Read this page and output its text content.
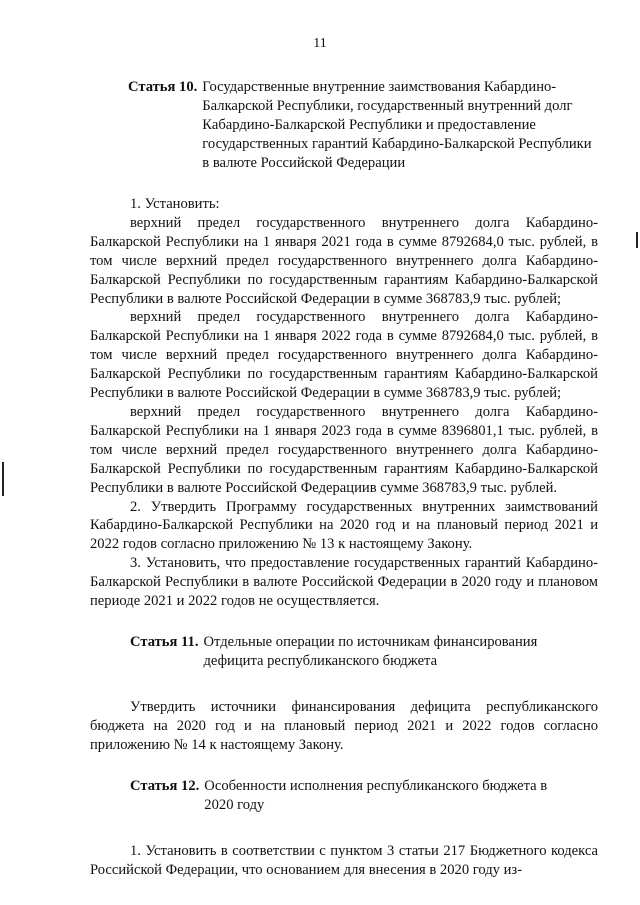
11
Статья 10. Государственные внутренние заимствования Кабардино-Балкарской Республики, государственный внутренний долг Кабардино-Балкарской Республики и предоставление государственных гарантий Кабардино-Балкарской Республики в валюте Российской Федерации

1. Установить:

верхний предел государственного внутреннего долга Кабардино-Балкарской Республики на 1 января 2021 года в сумме 8792684,0 тыс. рублей, в том числе верхний предел государственного внутреннего долга Кабардино-Балкарской Республики по государственным гарантиям Кабардино-Балкарской Республики в валюте Российской Федерации в сумме 368783,9 тыс. рублей;

верхний предел государственного внутреннего долга Кабардино-Балкарской Республики на 1 января 2022 года в сумме 8792684,0 тыс. рублей, в том числе верхний предел государственного внутреннего долга Кабардино-Балкарской Республики по государственным гарантиям Кабардино-Балкарской Республики в валюте Российской Федерации в сумме 368783,9 тыс. рублей;

верхний предел государственного внутреннего долга Кабардино-Балкарской Республики на 1 января 2023 года в сумме 8396801,1 тыс. рублей, в том числе верхний предел государственного внутреннего долга Кабардино-Балкарской Республики по государственным гарантиям Кабардино-Балкарской Республики в валюте Российской Федерациив сумме 368783,9 тыс. рублей.

2. Утвердить Программу государственных внутренних заимствований Кабардино-Балкарской Республики на 2020 год и на плановый период 2021 и 2022 годов согласно приложению № 13 к настоящему Закону.

3. Установить, что предоставление государственных гарантий Кабардино-Балкарской Республики в валюте Российской Федерации в 2020 году и плановом периоде 2021 и 2022 годов не осуществляется.

Статья 11. Отдельные операции по источникам финансирования дефицита республиканского бюджета

Утвердить источники финансирования дефицита республиканского бюджета на 2020 год и на плановый период 2021 и 2022 годов согласно приложению № 14 к настоящему Закону.

Статья 12. Особенности исполнения республиканского бюджета в 2020 году

1. Установить в соответствии с пунктом 3 статьи 217 Бюджетного кодекса Российской Федерации, что основанием для внесения в 2020 году из-
